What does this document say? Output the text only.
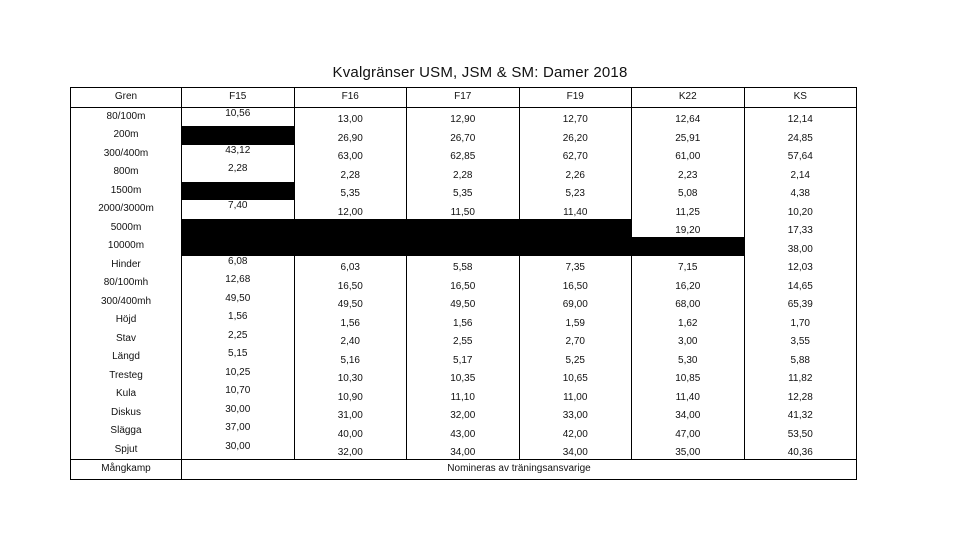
Kvalgränser USM, JSM & SM: Damer 2018
Gren	F15	F16	F17	F19	K22	KS
80/100m	10,56	13,00	12,90	12,70	12,64	12,14
200m		26,90	26,70	26,20	25,91	24,85
300/400m	43,12	63,00	62,85	62,70	61,00	57,64
800m	2,28	2,28	2,28	2,26	2,23	2,14
1500m		5,35	5,35	5,23	5,08	4,38
2000/3000m	7,40	12,00	11,50	11,40	11,25	10,20
5000m					19,20	17,33
10000m						38,00
Hinder	6,08	6,03	5,58	7,35	7,15	12,03
80/100mh	12,68	16,50	16,50	16,50	16,20	14,65
300/400mh	49,50	49,50	49,50	69,00	68,00	65,39
Höjd	1,56	1,56	1,56	1,59	1,62	1,70
Stav	2,25	2,40	2,55	2,70	3,00	3,55
Längd	5,15	5,16	5,17	5,25	5,30	5,88
Tresteg	10,25	10,30	10,35	10,65	10,85	11,82
Kula	10,70	10,90	11,10	11,00	11,40	12,28
Diskus	30,00	31,00	32,00	33,00	34,00	41,32
Slägga	37,00	40,00	43,00	42,00	47,00	53,50
Spjut	30,00	32,00	34,00	34,00	35,00	40,36
Mångkamp	Nomineras av träningsansvarige					
